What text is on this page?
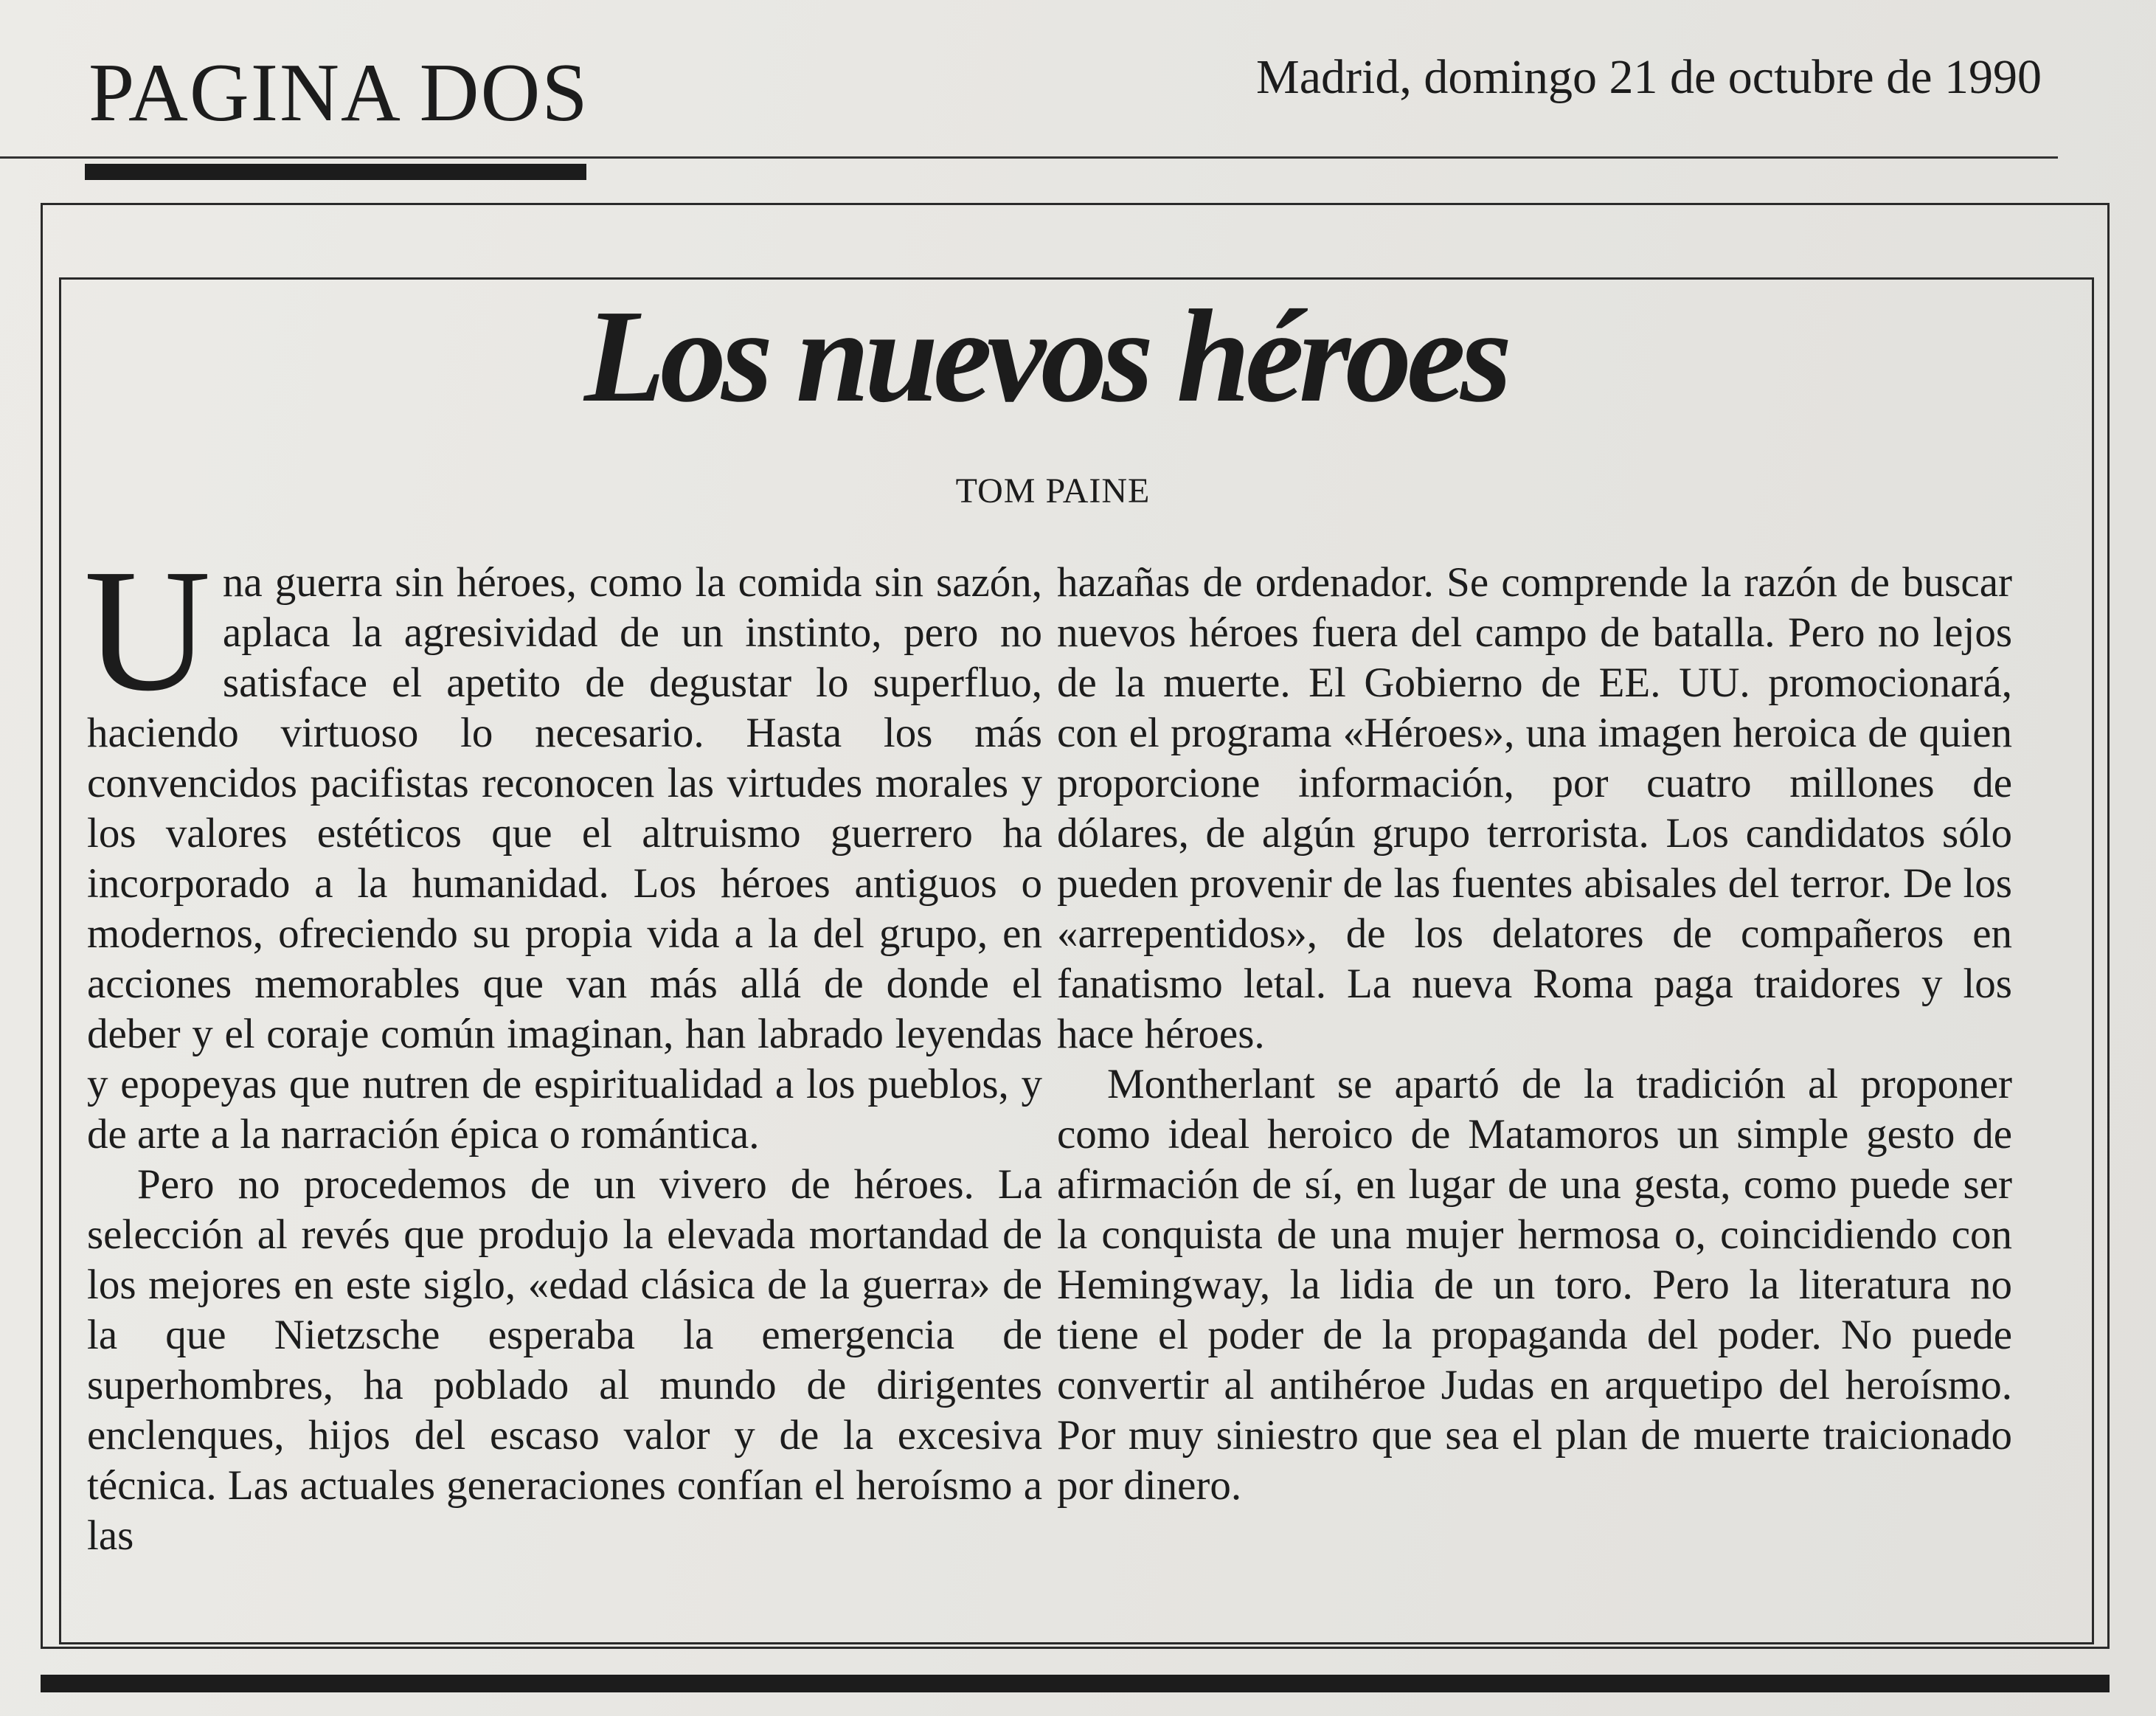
PAGINA DOS	Madrid, domingo 21 de octubre de 1990
Los nuevos héroes
TOM PAINE

Una guerra sin héroes, como la comida sin sazón, aplaca la agresividad de un instinto, pero no satisface el apetito de degustar lo superfluo, haciendo virtuoso lo necesario. Hasta los más convencidos pacifistas reconocen las virtudes morales y los valores estéticos que el altruismo guerrero ha incorporado a la humanidad. Los héroes antiguos o modernos, ofreciendo su propia vida a la del grupo, en acciones memorables que van más allá de donde el deber y el coraje común imaginan, han labrado leyendas y epopeyas que nutren de espiritualidad a los pueblos, y de arte a la narración épica o romántica.

Pero no procedemos de un vivero de héroes. La selección al revés que produjo la elevada mortandad de los mejores en este siglo, «edad clásica de la guerra» de la que Nietzsche esperaba la emergencia de superhombres, ha poblado al mundo de dirigentes enclenques, hijos del escaso valor y de la excesiva técnica. Las actuales generaciones confían el heroísmo a las

hazañas de ordenador. Se comprende la razón de buscar nuevos héroes fuera del campo de batalla. Pero no lejos de la muerte. El Gobierno de EE. UU. promocionará, con el programa «Héroes», una imagen heroica de quien proporcione información, por cuatro millones de dólares, de algún grupo terrorista. Los candidatos sólo pueden provenir de las fuentes abisales del terror. De los «arrepentidos», de los delatores de compañeros en fanatismo letal. La nueva Roma paga traidores y los hace héroes.

Montherlant se apartó de la tradición al proponer como ideal heroico de Matamoros un simple gesto de afirmación de sí, en lugar de una gesta, como puede ser la conquista de una mujer hermosa o, coincidiendo con Hemingway, la lidia de un toro. Pero la literatura no tiene el poder de la propaganda del poder. No puede convertir al antihéroe Judas en arquetipo del heroísmo. Por muy siniestro que sea el plan de muerte traicionado por dinero.
